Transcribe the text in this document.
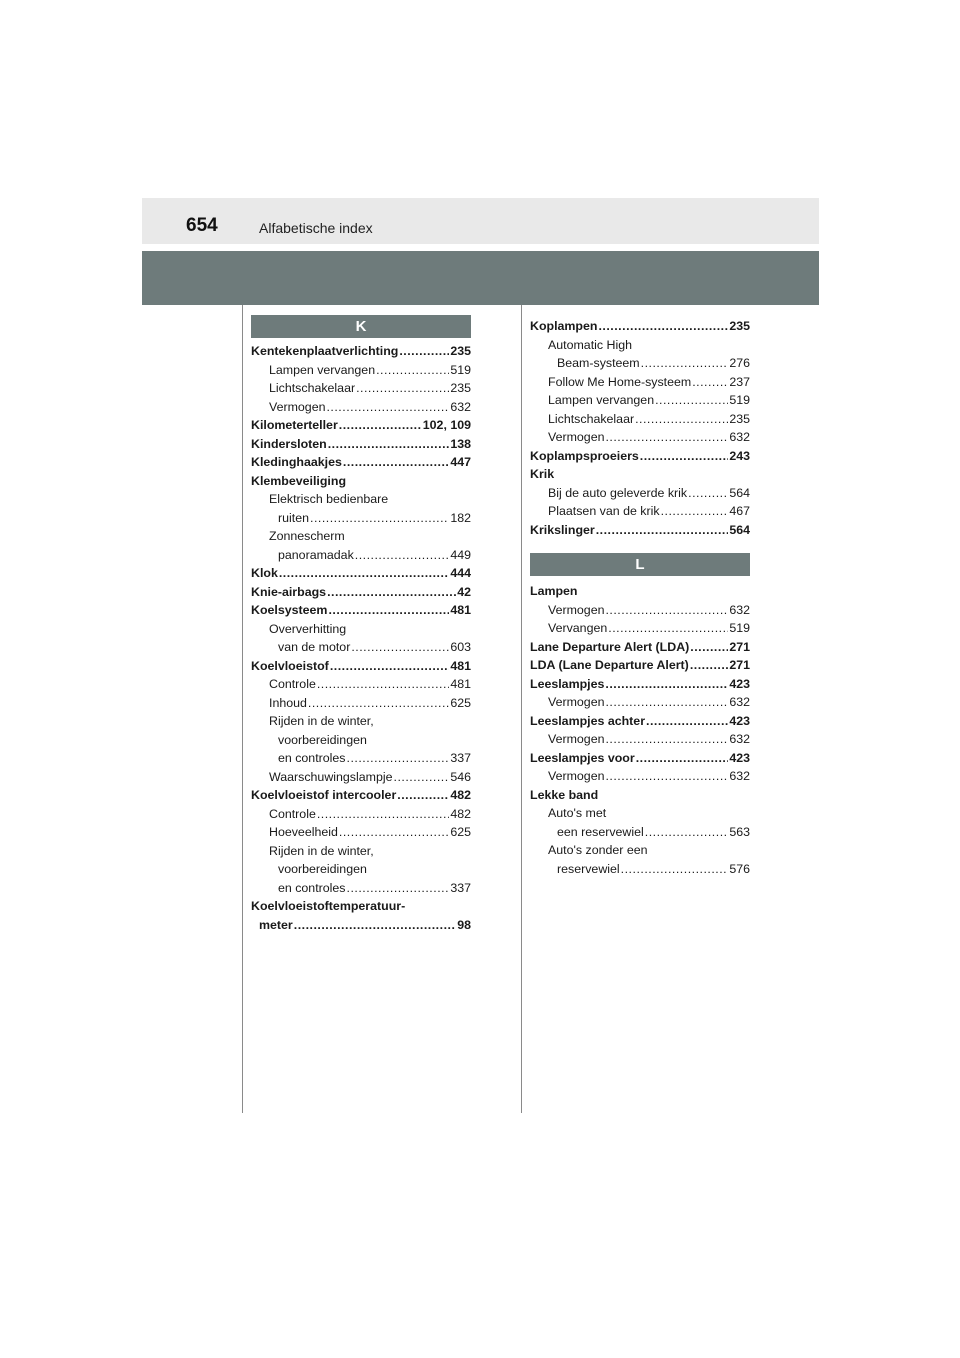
654	Alfabetische index
K
Kentekenplaatverlichting .....	235
Lampen vervangen .....	519
Lichtschakelaar .....	235
Vermogen .....	632
Kilometerteller .....	102, 109
Kindersloten .....	138
Kledinghaakjes .....	447
Klembeveiliging
Elektrisch bedienbare
ruiten .....	182
Zonnescherm
panoramadak .....	449
Klok .....	444
Knie-airbags .....	42
Koelsysteem .....	481
Oververhitting
van de motor .....	603
Koelvloeistof .....	481
Controle .....	481
Inhoud .....	625
Rijden in de winter,
voorbereidingen
en controles .....	337
Waarschuwingslampje .....	546
Koelvloeistof intercooler .....	482
Controle .....	482
Hoeveelheid .....	625
Rijden in de winter,
voorbereidingen
en controles .....	337
Koelvloeistoftemperatuur-
meter .....	98
Koplampen .....	235
Automatic High
Beam-systeem .....	276
Follow Me Home-systeem .....	237
Lampen vervangen .....	519
Lichtschakelaar .....	235
Vermogen .....	632
Koplampsproeiers .....	243
Krik
Bij de auto geleverde krik .....	564
Plaatsen van de krik .....	467
Krikslinger .....	564
L
Lampen
Vermogen .....	632
Vervangen .....	519
Lane Departure Alert (LDA) .....	271
LDA (Lane Departure Alert) .....	271
Leeslampjes .....	423
Vermogen .....	632
Leeslampjes achter .....	423
Vermogen .....	632
Leeslampjes voor .....	423
Vermogen .....	632
Lekke band
Auto's met
een reservewiel .....	563
Auto's zonder een
reservewiel .....	576
